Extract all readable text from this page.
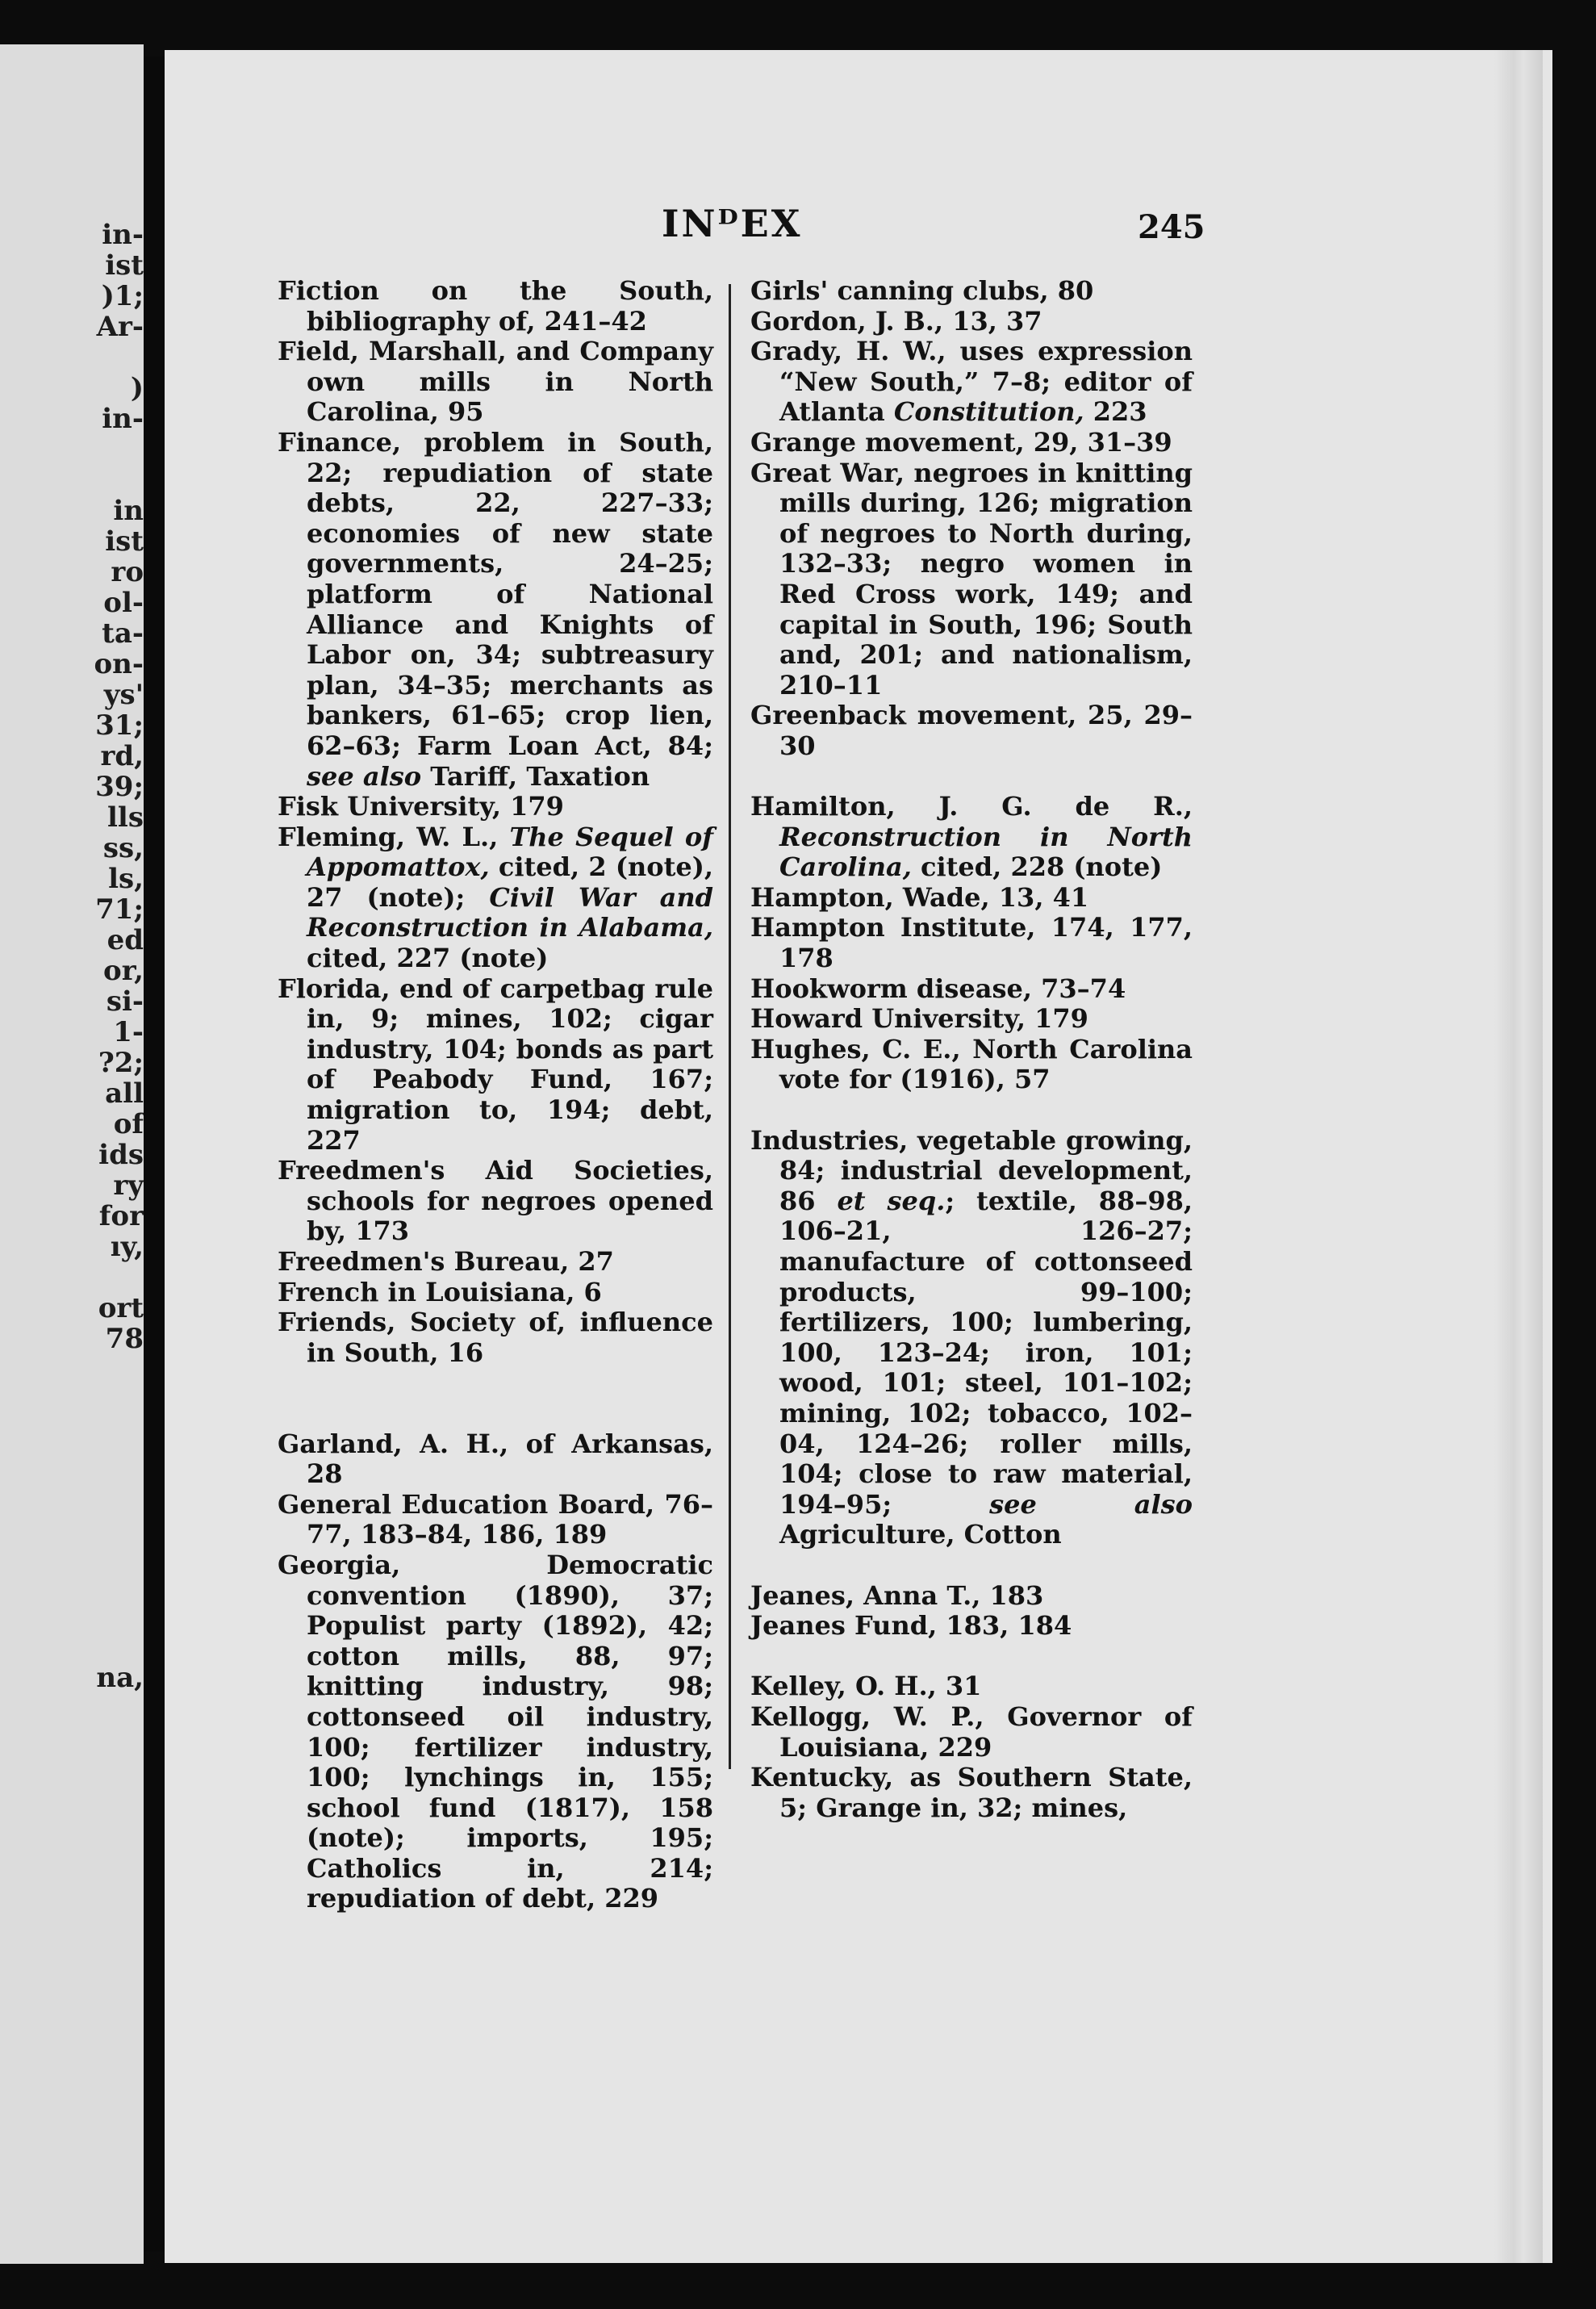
in-
ist
)1;
Ar-
)
in-
in
ist
ro
ol-
ta-
on-
ys'
31;
rd,
39;
lls
ss,
ls,
71;
ed
or,
si-
1-
?2;
all
of
ids
ry
for
ıy,
ort
78
na,
INᴰEX	245
Fiction on the South, bibliography of, 241–42
Field, Marshall, and Company own mills in North Carolina, 95
Finance, problem in South, 22; repudiation of state debts, 22, 227–33; economies of new state governments, 24–25; platform of National Alliance and Knights of Labor on, 34; subtreasury plan, 34–35; merchants as bankers, 61–65; crop lien, 62–63; Farm Loan Act, 84; see also Tariff, Taxation
Fisk University, 179
Fleming, W. L., The Sequel of Appomattox, cited, 2 (note), 27 (note); Civil War and Reconstruction in Alabama, cited, 227 (note)
Florida, end of carpetbag rule in, 9; mines, 102; cigar industry, 104; bonds as part of Peabody Fund, 167; migration to, 194; debt, 227
Freedmen's Aid Societies, schools for negroes opened by, 173
Freedmen's Bureau, 27
French in Louisiana, 6
Friends, Society of, influence in South, 16
Garland, A. H., of Arkansas, 28
General Education Board, 76–77, 183–84, 186, 189
Georgia, Democratic convention (1890), 37; Populist party (1892), 42; cotton mills, 88, 97; knitting industry, 98; cottonseed oil industry, 100; fertilizer industry, 100; lynchings in, 155; school fund (1817), 158 (note); imports, 195; Catholics in, 214; repudiation of debt, 229
Girls' canning clubs, 80
Gordon, J. B., 13, 37
Grady, H. W., uses expression “New South,” 7–8; editor of Atlanta Constitution, 223
Grange movement, 29, 31–39
Great War, negroes in knitting mills during, 126; migration of negroes to North during, 132–33; negro women in Red Cross work, 149; and capital in South, 196; South and, 201; and nationalism, 210–11
Greenback movement, 25, 29–30
Hamilton, J. G. de R., Reconstruction in North Carolina, cited, 228 (note)
Hampton, Wade, 13, 41
Hampton Institute, 174, 177, 178
Hookworm disease, 73–74
Howard University, 179
Hughes, C. E., North Carolina vote for (1916), 57
Industries, vegetable growing, 84; industrial development, 86 et seq.; textile, 88–98, 106–21, 126–27; manufacture of cottonseed products, 99–100; fertilizers, 100; lumbering, 100, 123–24; iron, 101; wood, 101; steel, 101–102; mining, 102; tobacco, 102–04, 124–26; roller mills, 104; close to raw material, 194–95; see also Agriculture, Cotton
Jeanes, Anna T., 183
Jeanes Fund, 183, 184
Kelley, O. H., 31
Kellogg, W. P., Governor of Louisiana, 229
Kentucky, as Southern State, 5; Grange in, 32; mines,
